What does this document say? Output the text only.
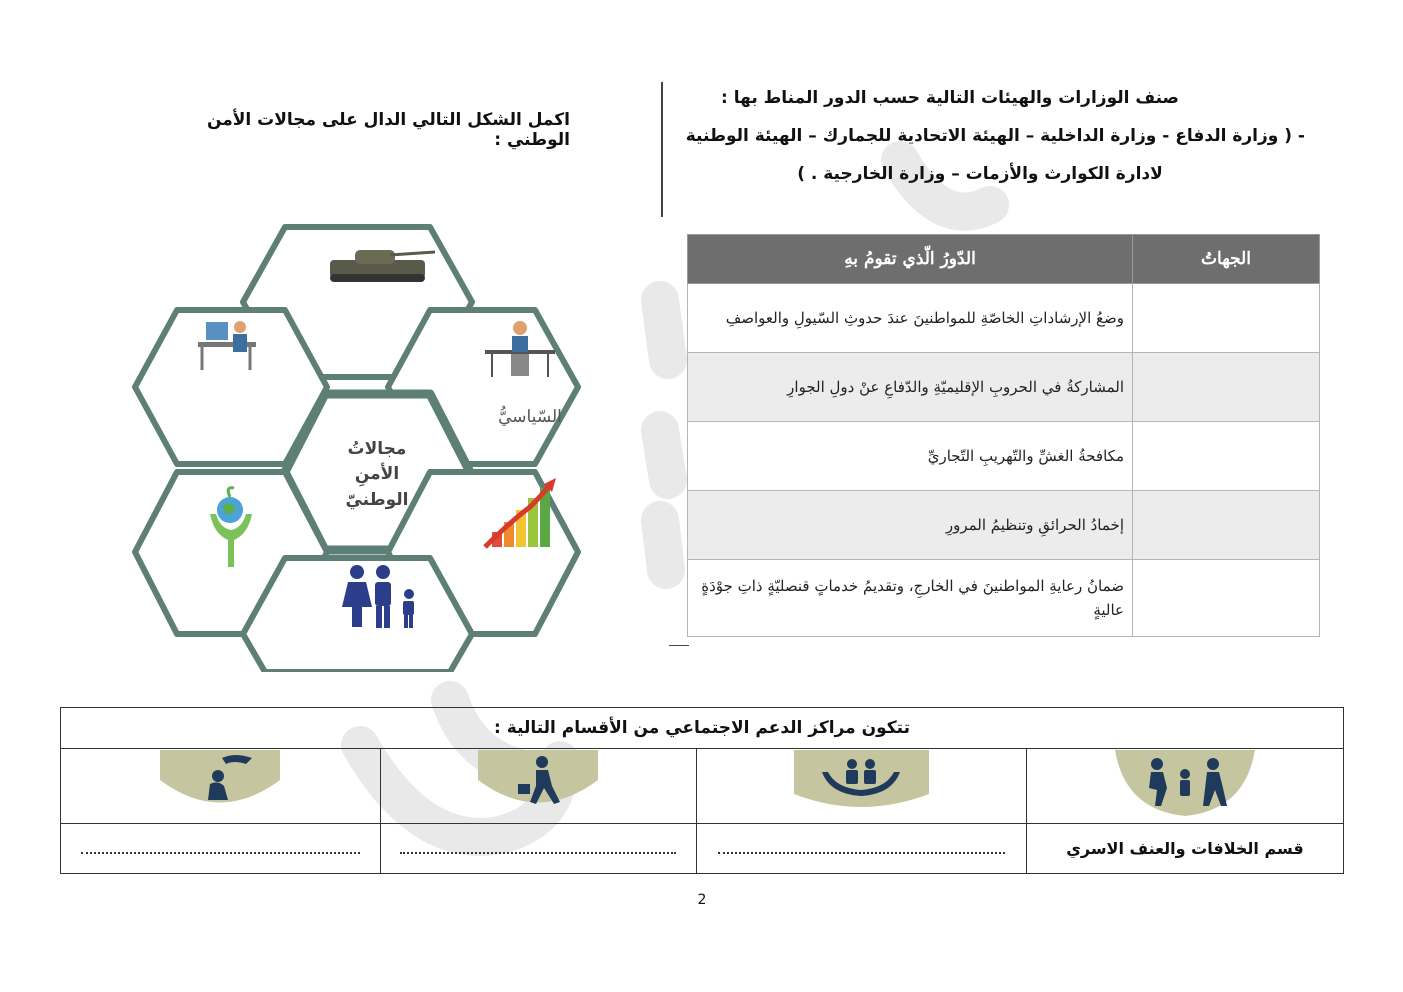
اكمل الشكل التالي الدال على مجالات الأمن الوطني :
السّياسيُّ
مجالاتُ
الأمنِ
الوطنيّ
صنف الوزارات والهيئات التالية حسب الدور المناط بها :
- ( وزارة الدفاع - وزارة الداخلية – الهيئة الاتحادية للجمارك – الهيئة الوطنية
لادارة الكوارث والأزمات – وزارة الخارجية . )
الجهاتُ	الدّورُ الّذي تقومُ بهِ
	وضعُ الإرشاداتِ الخاصّةِ للمواطنينَ عندَ حدوثِ السّيولِ والعواصفِ
	المشاركةُ في الحروبِ الإقليميّةِ والدّفاعِ عنْ دولِ الجوارِ
	مكافحةُ الغشِّ والتّهريبِ التّجاريِّ
	إخمادُ الحرائقِ وتنظيمُ المرورِ
	ضمانُ رعايةِ المواطنينَ في الخارجِ، وتقديمُ خدماتٍ قنصليّةٍ ذاتِ جوْدَةٍ عاليةٍ
تتكون مراكز الدعم الاجتماعي من الأقسام التالية :			

			قسم الخلافات والعنف الاسري
2
